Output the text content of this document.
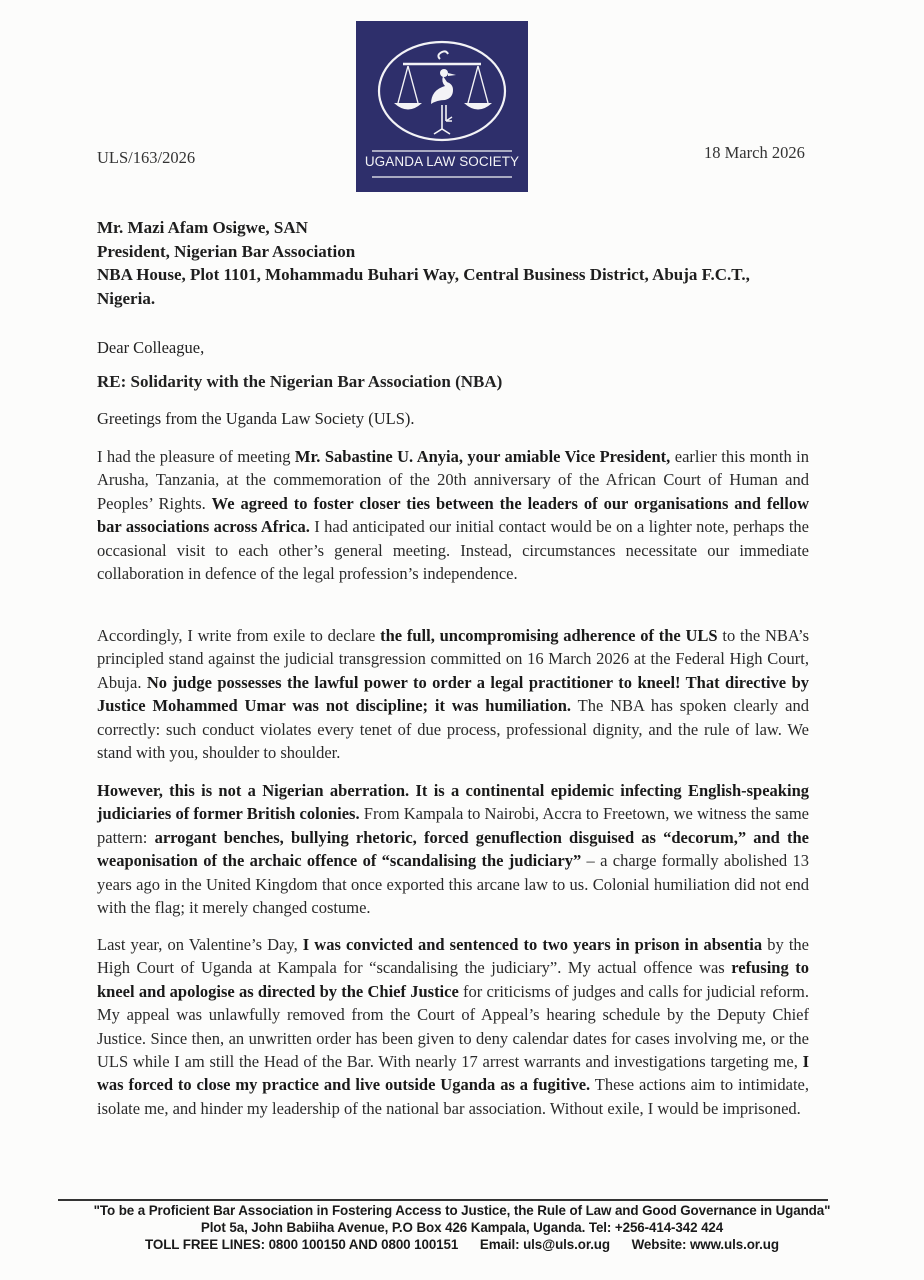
UGANDA LAW SOCIETY
ULS/163/2026	18 March 2026
Mr. Mazi Afam Osigwe, SAN
President, Nigerian Bar Association
NBA House, Plot 1101, Mohammadu Buhari Way, Central Business District, Abuja F.C.T.,
Nigeria.
Dear Colleague,
RE: Solidarity with the Nigerian Bar Association (NBA)
Greetings from the Uganda Law Society (ULS).
I had the pleasure of meeting Mr. Sabastine U. Anyia, your amiable Vice President, earlier this month in Arusha, Tanzania, at the commemoration of the 20th anniversary of the African Court of Human and Peoples’ Rights. We agreed to foster closer ties between the leaders of our organisations and fellow bar associations across Africa. I had anticipated our initial contact would be on a lighter note, perhaps the occasional visit to each other’s general meeting. Instead, circumstances necessitate our immediate collaboration in defence of the legal profession’s independence.
Accordingly, I write from exile to declare the full, uncompromising adherence of the ULS to the NBA’s principled stand against the judicial transgression committed on 16 March 2026 at the Federal High Court, Abuja. No judge possesses the lawful power to order a legal practitioner to kneel! That directive by Justice Mohammed Umar was not discipline; it was humiliation. The NBA has spoken clearly and correctly: such conduct violates every tenet of due process, professional dignity, and the rule of law. We stand with you, shoulder to shoulder.
However, this is not a Nigerian aberration. It is a continental epidemic infecting English-speaking judiciaries of former British colonies. From Kampala to Nairobi, Accra to Freetown, we witness the same pattern: arrogant benches, bullying rhetoric, forced genuflection disguised as “decorum,” and the weaponisation of the archaic offence of “scandalising the judiciary” – a charge formally abolished 13 years ago in the United Kingdom that once exported this arcane law to us. Colonial humiliation did not end with the flag; it merely changed costume.
Last year, on Valentine’s Day, I was convicted and sentenced to two years in prison in absentia by the High Court of Uganda at Kampala for “scandalising the judiciary”. My actual offence was refusing to kneel and apologise as directed by the Chief Justice for criticisms of judges and calls for judicial reform. My appeal was unlawfully removed from the Court of Appeal’s hearing schedule by the Deputy Chief Justice. Since then, an unwritten order has been given to deny calendar dates for cases involving me, or the ULS while I am still the Head of the Bar. With nearly 17 arrest warrants and investigations targeting me, I was forced to close my practice and live outside Uganda as a fugitive. These actions aim to intimidate, isolate me, and hinder my leadership of the national bar association. Without exile, I would be imprisoned.
"To be a Proficient Bar Association in Fostering Access to Justice, the Rule of Law and Good Governance in Uganda"
Plot 5a, John Babiiha Avenue, P.O Box 426 Kampala, Uganda. Tel: +256-414-342 424
TOLL FREE LINES: 0800 100150 AND 0800 100151 Email: uls@uls.or.ug Website: www.uls.or.ug
